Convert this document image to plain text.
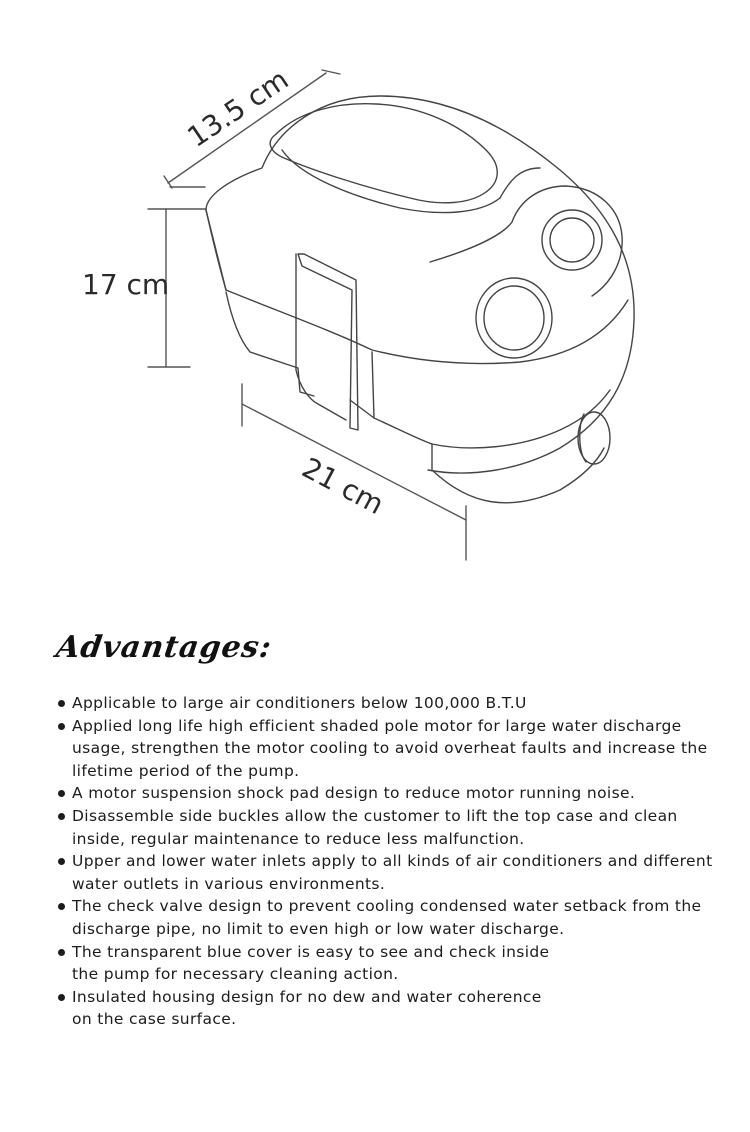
13.5 cm
17 cm
21 cm
Advantages:
Applicable to large air conditioners below 100,000 B.T.U
Applied long life high efficient shaded pole motor for large water discharge
usage, strengthen the motor cooling to avoid overheat faults and increase the
lifetime period of the pump.
A motor suspension shock pad design to reduce motor running noise.
Disassemble side buckles allow the customer to lift the top case and clean
inside, regular maintenance to reduce less malfunction.
Upper and lower water inlets apply to all kinds of air conditioners and different
water outlets in various environments.
The check valve design to prevent cooling condensed water setback from the
discharge pipe, no limit to even high or low water discharge.
The transparent blue cover is easy to see and check inside
the pump for necessary cleaning action.
Insulated housing design for no dew and water coherence
on the case surface.
